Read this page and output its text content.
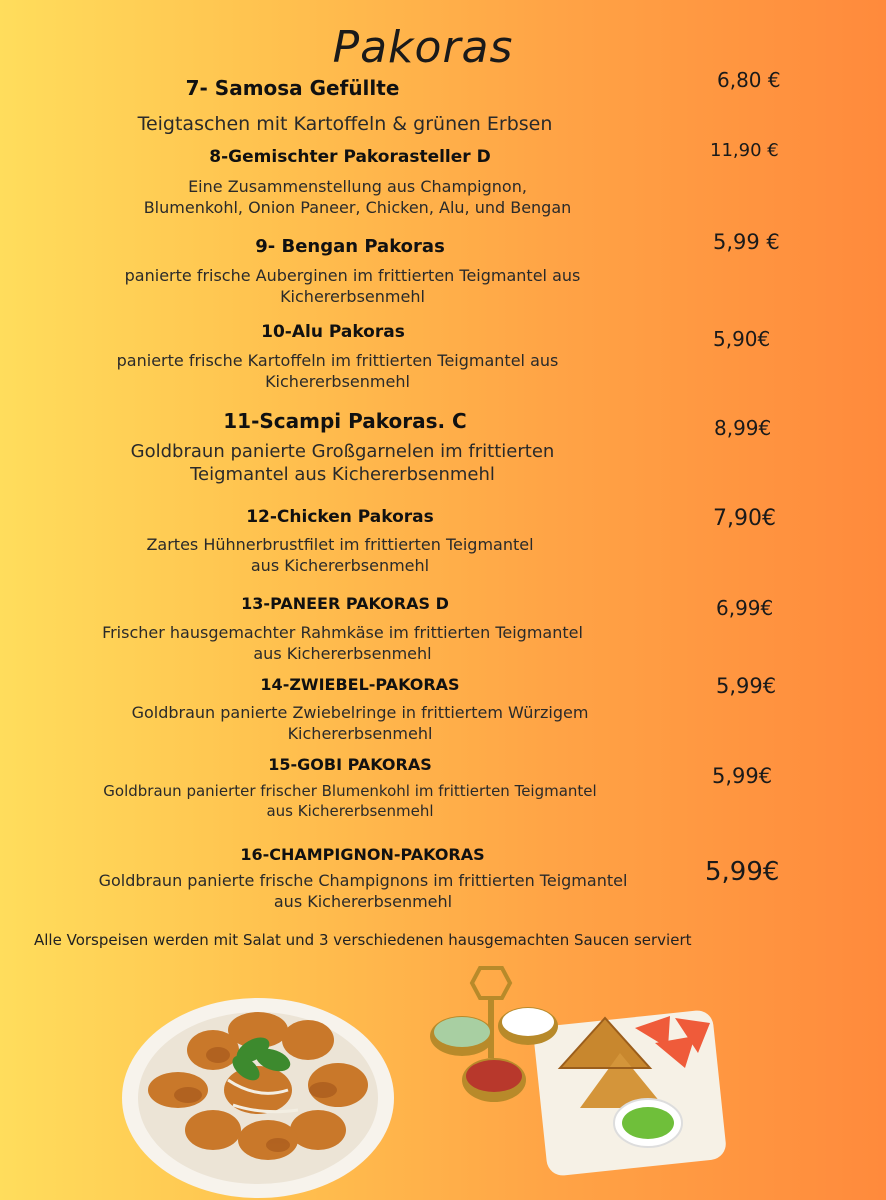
Pakoras
7- Samosa Gefüllte
Teigtaschen mit Kartoffeln & grünen Erbsen
6,80 €
8-Gemischter Pakorasteller D
Eine Zusammenstellung aus Champignon,
Blumenkohl, Onion Paneer, Chicken, Alu, und Bengan
11,90 €
9- Bengan Pakoras
panierte frische Auberginen im frittierten Teigmantel aus
Kichererbsenmehl
5,99 €
10-Alu Pakoras
panierte frische Kartoffeln im frittierten Teigmantel aus
Kichererbsenmehl
5,90€
11-Scampi Pakoras. C
Goldbraun panierte Großgarnelen im frittierten
Teigmantel aus Kichererbsenmehl
8,99€
12-Chicken Pakoras
Zartes Hühnerbrustfilet im frittierten Teigmantel
aus Kichererbsenmehl
7,90€
13-PANEER PAKORAS D
Frischer hausgemachter Rahmkäse im frittierten Teigmantel
aus Kichererbsenmehl
6,99€
14-ZWIEBEL-PAKORAS
Goldbraun panierte Zwiebelringe in frittiertem Würzigem
Kichererbsenmehl
5,99€
15-GOBI PAKORAS
Goldbraun panierter frischer Blumenkohl im frittierten Teigmantel
aus Kichererbsenmehl
5,99€
16-CHAMPIGNON-PAKORAS
Goldbraun panierte frische Champignons im frittierten Teigmantel
aus Kichererbsenmehl
5,99€
Alle Vorspeisen werden mit Salat und 3 verschiedenen hausgemachten Saucen serviert
